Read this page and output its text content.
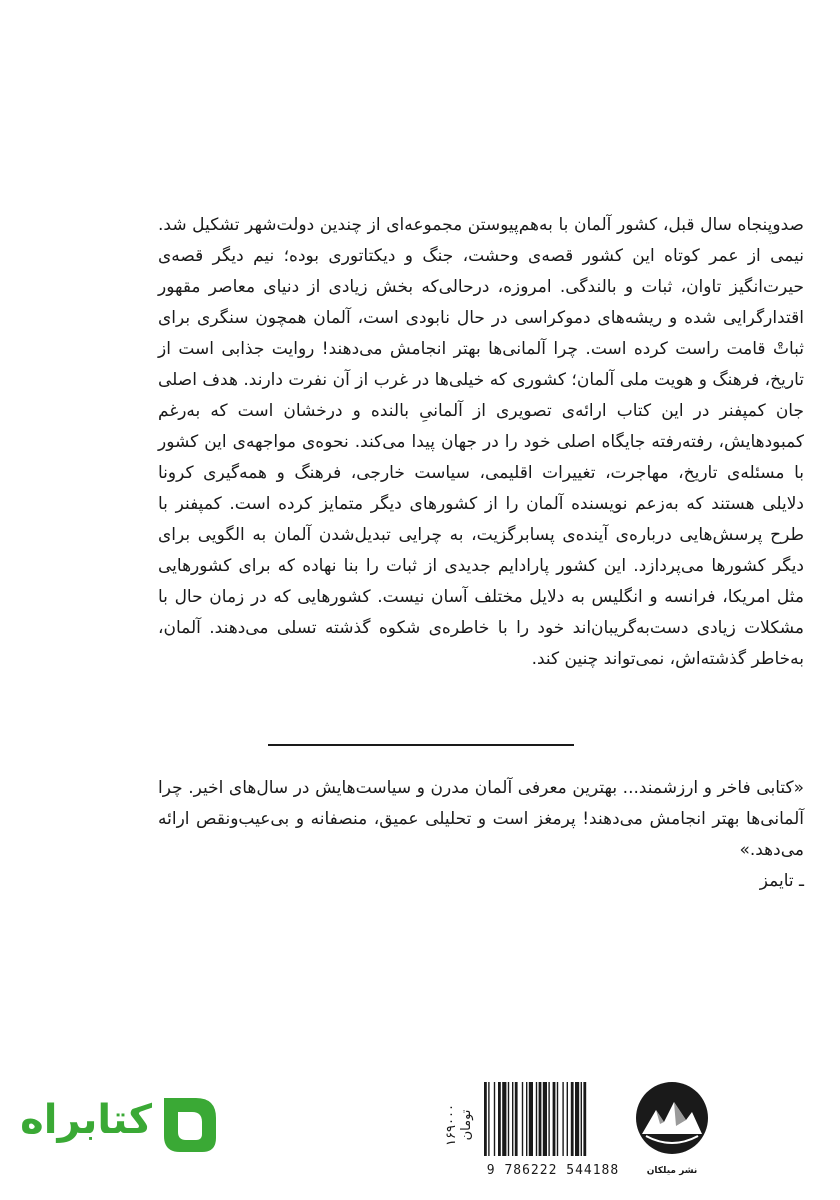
صدوپنجاه سال قبل، کشور آلمان با به‌هم‌پیوستن مجموعه‌ای از چندین دولت‌شهر تشکیل شد. نیمی از عمر کوتاه این کشور قصه‌ی وحشت، جنگ و دیکتاتوری بوده؛ نیم دیگر قصه‌ی حیرت‌انگیز تاوان، ثبات و بالندگی. امروزه، درحالی‌که بخش زیادی از دنیای معاصر مقهور اقتدارگرایی شده و ریشه‌های دموکراسی در حال نابودی است، آلمان همچون سنگری برای ثباتْ قامت راست کرده است. چرا آلمانی‌ها بهتر انجامش می‌دهند! روایت جذابی است از تاریخ، فرهنگ و هویت ملی آلمان؛ کشوری که خیلی‌ها در غرب از آن نفرت دارند. هدف اصلی جان کمپفنر در این کتاب ارائه‌ی تصویری از آلمانیِ بالنده و درخشان است که به‌رغم کمبودهایش، رفته‌رفته جایگاه اصلی خود را در جهان پیدا می‌کند. نحوه‌ی مواجهه‌ی این کشور با مسئله‌ی تاریخ، مهاجرت، تغییرات اقلیمی، سیاست خارجی، فرهنگ و همه‌گیری کرونا دلایلی هستند که به‌زعم نویسنده آلمان را از کشورهای دیگر متمایز کرده است. کمپفنر با طرح پرسش‌هایی درباره‌ی آینده‌ی پسابرگزیت، به چرایی تبدیل‌شدن آلمان به الگویی برای دیگر کشورها می‌پردازد. این کشور پارادایم جدیدی از ثبات را بنا نهاده که برای کشورهایی مثل امریکا، فرانسه و انگلیس به دلایل مختلف آسان نیست. کشورهایی که در زمان حال با مشکلات زیادی دست‌به‌گریبان‌اند خود را با خاطره‌ی شکوه گذشته تسلی می‌دهند. آلمان، به‌خاطر گذشته‌اش، نمی‌تواند چنین کند.

«کتابی فاخر و ارزشمند... بهترین معرفی آلمان مدرن و سیاست‌هایش در سال‌های اخیر. چرا آلمانی‌ها بهتر انجامش می‌دهند! پرمغز است و تحلیلی عمیق، منصفانه و بی‌عیب‌ونقص ارائه می‌دهد.»

ـ تایمز
کتابراه	۱۶۹۰۰۰ تومان
9 786222 544188	نشر میلکان
